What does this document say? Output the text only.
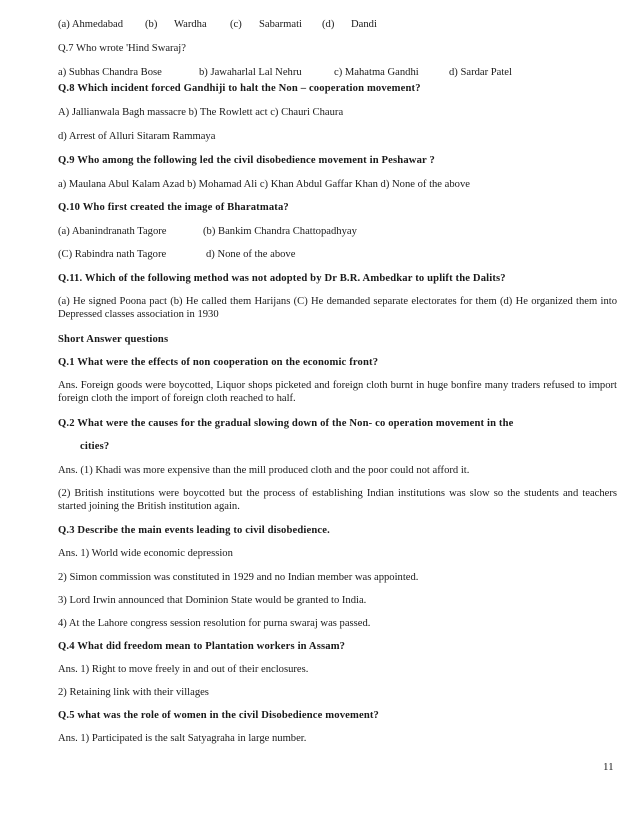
(a) Ahmedabad	(b)	Wardha	(c)	Sabarmati	(d)	Dandi
Q.7 Who wrote 'Hind Swaraj?
a) Subhas Chandra Bose	b) Jawaharlal Lal Nehru	c) Mahatma Gandhi	d) Sardar Patel
Q.8 Which incident forced Gandhiji to halt the Non – cooperation movement?
A) Jallianwala Bagh massacre b) The Rowlett act c) Chauri Chaura
d) Arrest of Alluri Sitaram Rammaya
Q.9 Who among the following led the civil disobedience movement in Peshawar ?
a) Maulana Abul Kalam Azad b) Mohamad Ali c) Khan Abdul Gaffar Khan d) None of the above
Q.10 Who first created the image of Bharatmata?
(a) Abanindranath Tagore	(b) Bankim Chandra Chattopadhyay
(C) Rabindra nath Tagore	d) None of the above
Q.11. Which of the following method was not adopted by Dr B.R. Ambedkar to uplift the Dalits?
(a) He signed Poona pact (b) He called them Harijans (C) He demanded separate electorates for them (d) He organized them into Depressed classes association in 1930
Short Answer questions
Q.1 What were the effects of non cooperation on the economic front?
Ans. Foreign goods were boycotted, Liquor shops picketed and foreign cloth burnt in huge bonfire many traders refused to import foreign cloth the import of foreign cloth reached to half.
Q.2 What were the causes for the gradual slowing down of the Non- co operation movement in the
cities?
Ans. (1) Khadi was more expensive than the mill produced cloth and the poor could not afford it.
(2) British institutions were boycotted but the process of establishing Indian institutions was slow so the students and teachers started joining the British institution again.
Q.3 Describe the main events leading to civil disobedience.
Ans. 1) World wide economic depression
2) Simon commission was constituted in 1929 and no Indian member was appointed.
3) Lord Irwin announced that Dominion State would be granted to India.
4) At the Lahore congress session resolution for purna swaraj was passed.
Q.4 What did freedom mean to Plantation workers in Assam?
Ans. 1) Right to move freely in and out of their enclosures.
2) Retaining link with their villages
Q.5 what was the role of women in the civil Disobedience movement?
Ans. 1) Participated is the salt Satyagraha in large number.
11
